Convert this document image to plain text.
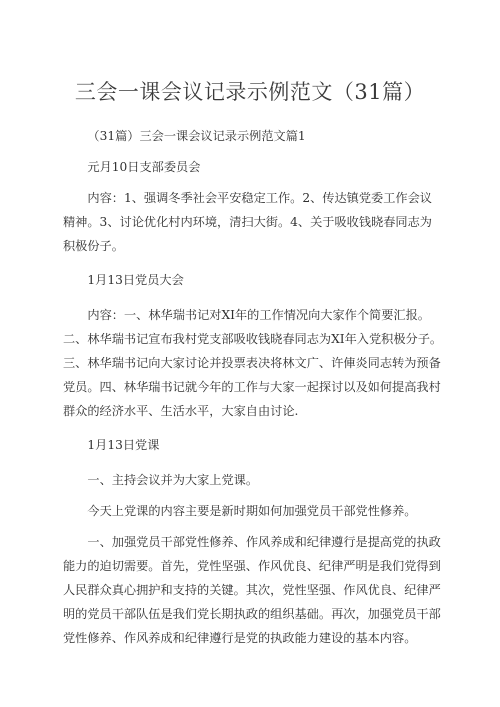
三会一课会议记录示例范文（31篇）

（31篇）三会一课会议记录示例范文篇1

元月10日支部委员会

内容：1、强调冬季社会平安稳定工作。2、传达镇党委工作会议精神。3、讨论优化村内环境，清扫大街。4、关于吸收钱晓春同志为积极份子。

1月13日党员大会

内容：一、林华瑞书记对XI年的工作情况向大家作个简要汇报。二、林华瑞书记宣布我村党支部吸收钱晓春同志为XI年入党积极分子。三、林华瑞书记向大家讨论并投票表决将林文广、许俥炎同志转为预备党员。四、林华瑞书记就今年的工作与大家一起探讨以及如何提高我村群众的经济水平、生活水平，大家自由讨论.

1月13日党课

一、主持会议并为大家上党课。

今天上党课的内容主要是新时期如何加强党员干部党性修养。

一、加强党员干部党性修养、作风养成和纪律遵行是提高党的执政能力的迫切需要。首先，党性坚强、作风优良、纪律严明是我们党得到人民群众真心拥护和支持的关键。其次，党性坚强、作风优良、纪律严明的党员干部队伍是我们党长期执政的组织基础。再次，加强党员干部党性修养、作风养成和纪律遵行是党的执政能力建设的基本内容。
